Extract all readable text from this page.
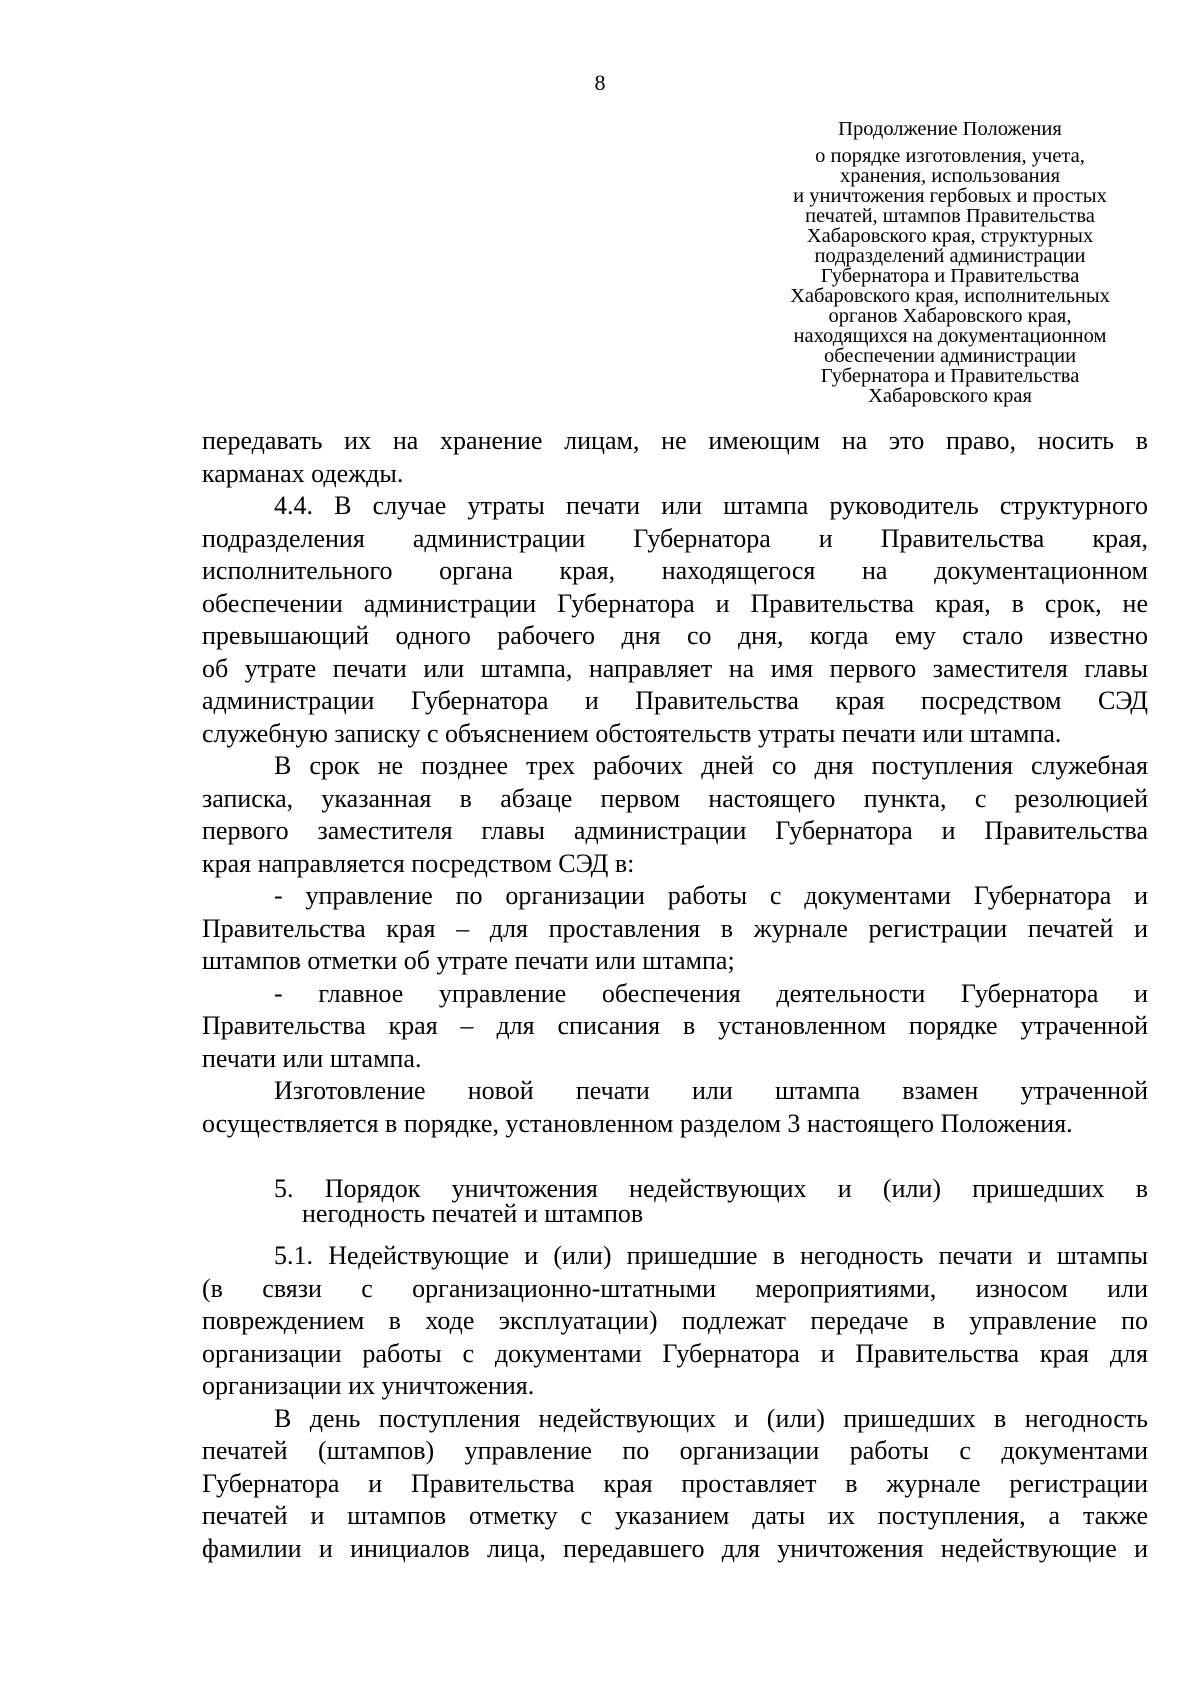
8
Продолжение Положения
о порядке изготовления, учета,
хранения, использования
и уничтожения гербовых и простых
печатей, штампов Правительства
Хабаровского края, структурных
подразделений администрации
Губернатора и Правительства
Хабаровского края, исполнительных
органов Хабаровского края,
находящихся на документационном
обеспечении администрации
Губернатора и Правительства
Хабаровского края
передавать их на хранение лицам, не имеющим на это право, носить в
карманах одежды.
4.4. В случае утраты печати или штампа руководитель структурного
подразделения администрации Губернатора и Правительства края,
исполнительного органа края, находящегося на документационном
обеспечении администрации Губернатора и Правительства края, в срок, не
превышающий одного рабочего дня со дня, когда ему стало известно
об утрате печати или штампа, направляет на имя первого заместителя главы
администрации Губернатора и Правительства края посредством СЭД
служебную записку с объяснением обстоятельств утраты печати или штампа.
В срок не позднее трех рабочих дней со дня поступления служебная
записка, указанная в абзаце первом настоящего пункта, с резолюцией
первого заместителя главы администрации Губернатора и Правительства
края направляется посредством СЭД в:
- управление по организации работы с документами Губернатора и
Правительства края – для проставления в журнале регистрации печатей и
штампов отметки об утрате печати или штампа;
- главное управление обеспечения деятельности Губернатора и
Правительства края – для списания в установленном порядке утраченной
печати или штампа.
Изготовление новой печати или штампа взамен утраченной
осуществляется в порядке, установленном разделом 3 настоящего Положения.
5. Порядок уничтожения недействующих и (или) пришедших в
негодность печатей и штампов
5.1. Недействующие и (или) пришедшие в негодность печати и штампы
(в связи с организационно-штатными мероприятиями, износом или
повреждением в ходе эксплуатации) подлежат передаче в управление по
организации работы с документами Губернатора и Правительства края для
организации их уничтожения.
В день поступления недействующих и (или) пришедших в негодность
печатей (штампов) управление по организации работы с документами
Губернатора и Правительства края проставляет в журнале регистрации
печатей и штампов отметку с указанием даты их поступления, а также
фамилии и инициалов лица, передавшего для уничтожения недействующие и
